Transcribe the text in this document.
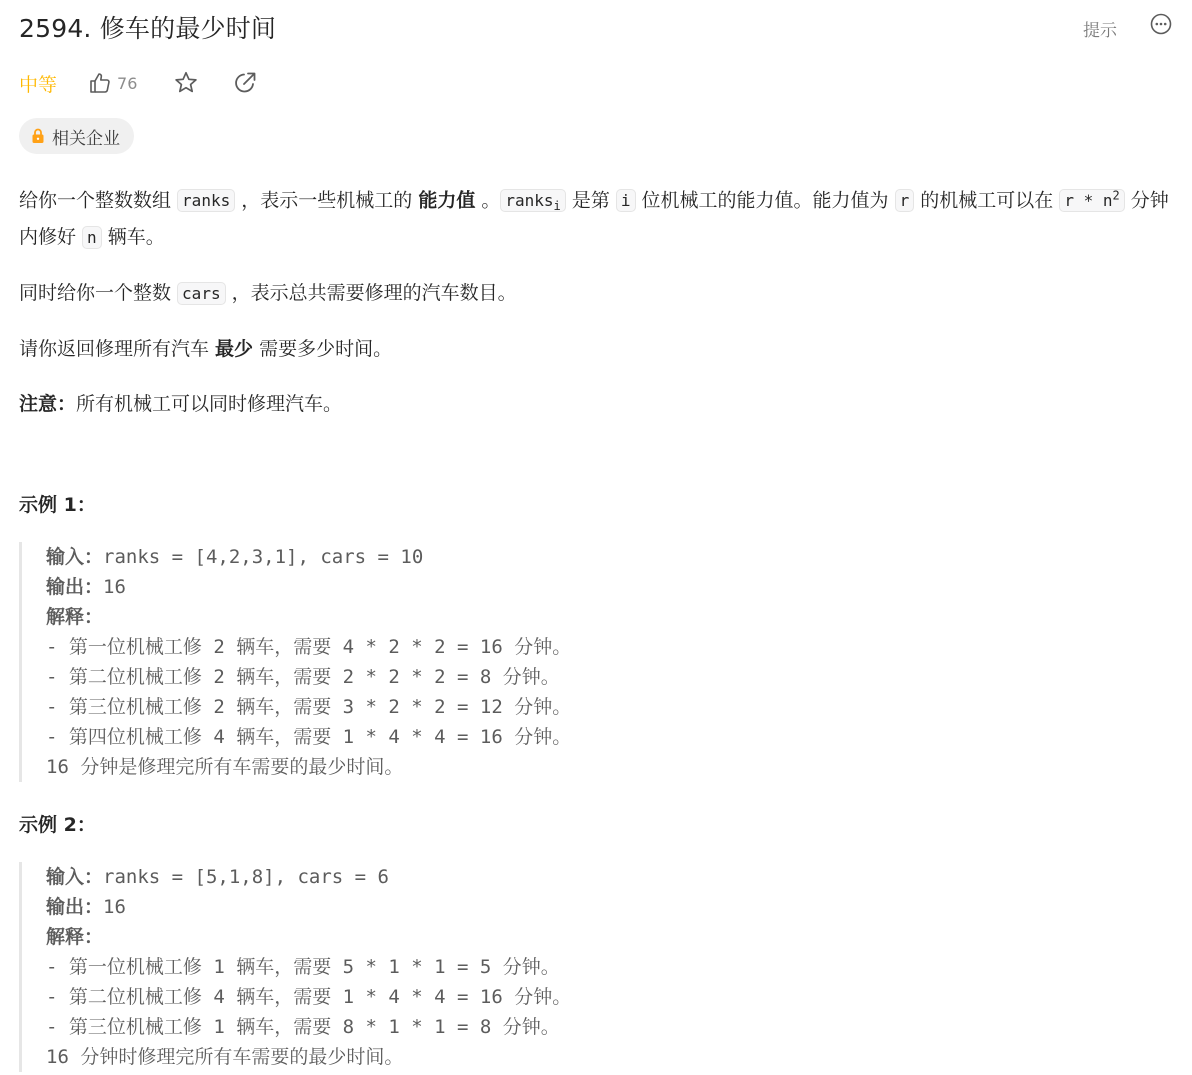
2594. 修车的最少时间	提示
中等	76
相关企业

给你一个整数数组 ranks ，表示一些机械工的 能力值 。 ranks$_i$ 是第 i 位机械工的能力值。能力值为 r 的机械工可以在 r * $n^2$ 分钟内修好 n 辆车。

同时给你一个整数 cars ，表示总共需要修理的汽车数目。

请你返回修理所有汽车 最少 需要多少时间。

注意：所有机械工可以同时修理汽车。

示例 1：
输入：ranks = [4,2,3,1], cars = 10
输出：16
解释：
- 第一位机械工修 2 辆车，需要 4 * 2 * 2 = 16 分钟。
- 第二位机械工修 2 辆车，需要 2 * 2 * 2 = 8 分钟。
- 第三位机械工修 2 辆车，需要 3 * 2 * 2 = 12 分钟。
- 第四位机械工修 4 辆车，需要 1 * 4 * 4 = 16 分钟。
16 分钟是修理完所有车需要的最少时间。
示例 2：
输入：ranks = [5,1,8], cars = 6
输出：16
解释：
- 第一位机械工修 1 辆车，需要 5 * 1 * 1 = 5 分钟。
- 第二位机械工修 4 辆车，需要 1 * 4 * 4 = 16 分钟。
- 第三位机械工修 1 辆车，需要 8 * 1 * 1 = 8 分钟。
16 分钟时修理完所有车需要的最少时间。
